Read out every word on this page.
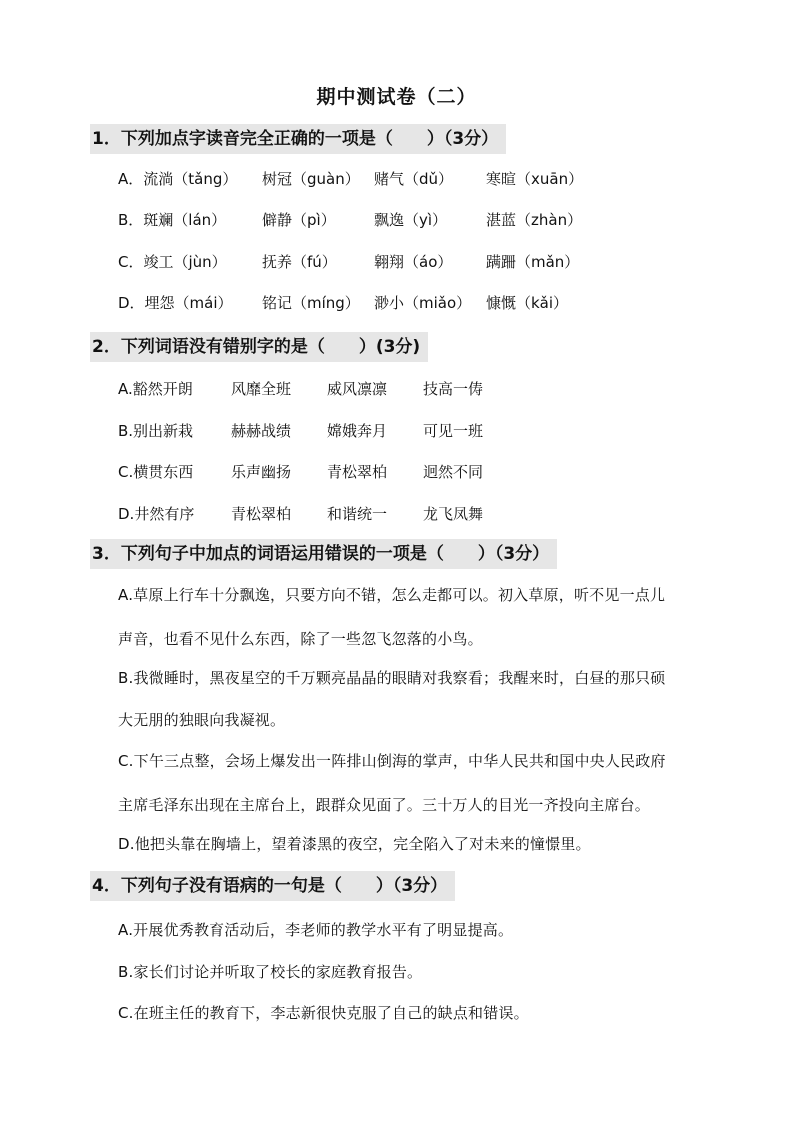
期中测试卷（二）
1．下列加点字读音完全正确的一项是（　　）（3分）
A．流淌（tǎng） 树冠（guàn） 赌气（dǔ） 寒暄（xuān）
B．斑斓（lán） 僻静（pì）	飘逸（yì）	湛蓝（zhàn）
C．竣工（jùn） 抚养（fú） 翱翔（áo） 蹒跚（mǎn）
D．埋怨（mái） 铭记（míng） 渺小（miǎo） 慷慨（kǎi）
2．下列词语没有错别字的是（　　）(3分)
A.豁然开朗	风靡全班 威风凛凛 技高一俦
B.别出新栽	赫赫战绩 嫦娥奔月 可见一班
C.横贯东西	乐声幽扬 青松翠柏 迥然不同
D.井然有序 青松翠柏 和谐统一 龙飞凤舞
3．下列句子中加点的词语运用错误的一项是（　　）（3分）
A.草原上行车十分飘逸，只要方向不错，怎么走都可以。初入草原，听不见一点儿
声音，也看不见什么东西，除了一些忽飞忽落的小鸟。
B.我微睡时，黑夜星空的千万颗亮晶晶的眼睛对我察看；我醒来时，白昼的那只硕
大无朋的独眼向我凝视。
C.下午三点整，会场上爆发出一阵排山倒海的掌声，中华人民共和国中央人民政府
主席毛泽东出现在主席台上，跟群众见面了。三十万人的目光一齐投向主席台。
D.他把头靠在胸墙上，望着漆黑的夜空，完全陷入了对未来的憧憬里。
4．下列句子没有语病的一句是（　　）（3分）
A.开展优秀教育活动后，李老师的教学水平有了明显提高。
B.家长们讨论并听取了校长的家庭教育报告。
C.在班主任的教育下，李志新很快克服了自己的缺点和错误。
